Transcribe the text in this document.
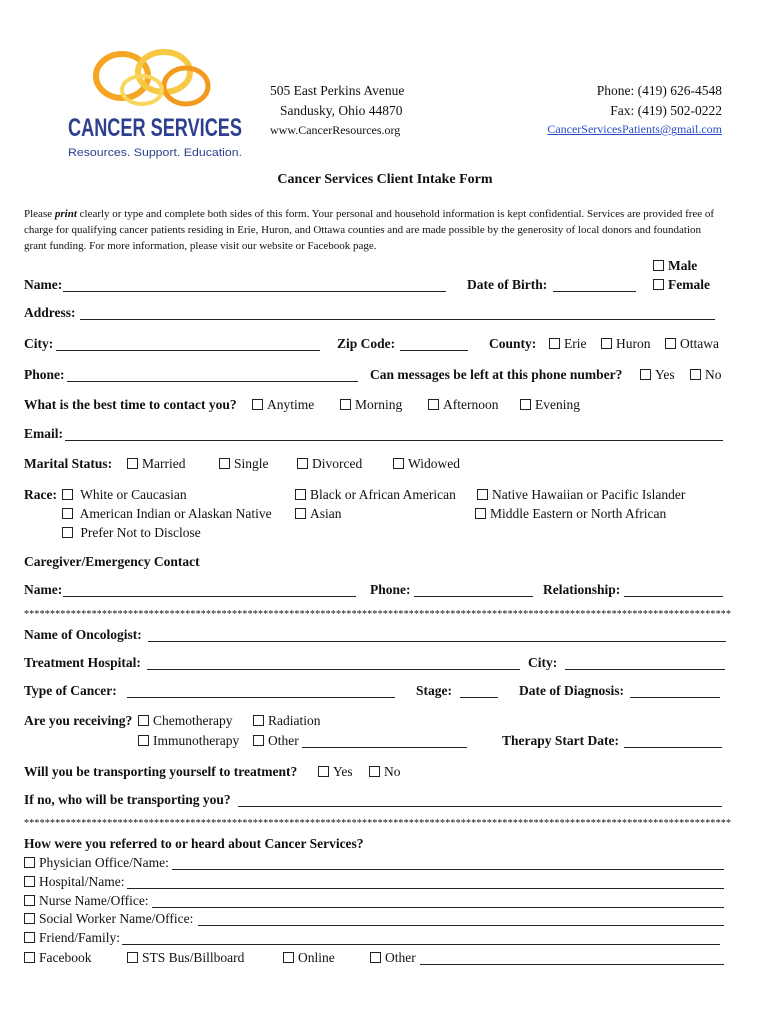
CANCER SERVICES
Resources. Support. Education.
505 East Perkins Avenue
Sandusky, Ohio 44870
www.CancerResources.org
Phone: (419) 626-4548
Fax: (419) 502-0222
CancerServicesPatients@gmail.com
Cancer Services Client Intake Form
Please print clearly or type and complete both sides of this form. Your personal and household information is kept confidential. Services are provided free of charge for qualifying cancer patients residing in Erie, Huron, and Ottawa counties and are made possible by the generosity of local donors and foundation grant funding. For more information, please visit our website or Facebook page.
Male
Female
Name:	Date of Birth:
Address:
City:	Zip Code:	County:	Erie	Huron	Ottawa
Phone:	Can messages be left at this phone number?	Yes	No
What is the best time to contact you?	Anytime	Morning	Afternoon	Evening
Email:
Marital Status:	Married	Single	Divorced	Widowed
Race:	White or Caucasian	Black or African American	Native Hawaiian or Pacific Islander
American Indian or Alaskan Native	Asian	Middle Eastern or North African
Prefer Not to Disclose
Caregiver/Emergency Contact
Name:	Phone:	Relationship:
****************************************************************************************************************************************
Name of Oncologist:
Treatment Hospital:	City:
Type of Cancer:	Stage:	Date of Diagnosis:
Are you receiving?	Chemotherapy	Radiation
Immunotherapy	Other	Therapy Start Date:
Will you be transporting yourself to treatment?	Yes	No
If no, who will be transporting you?
****************************************************************************************************************************************
How were you referred to or heard about Cancer Services?
Physician Office/Name:
Hospital/Name:
Nurse Name/Office:
Social Worker Name/Office:
Friend/Family:
Facebook	STS Bus/Billboard	Online	Other
